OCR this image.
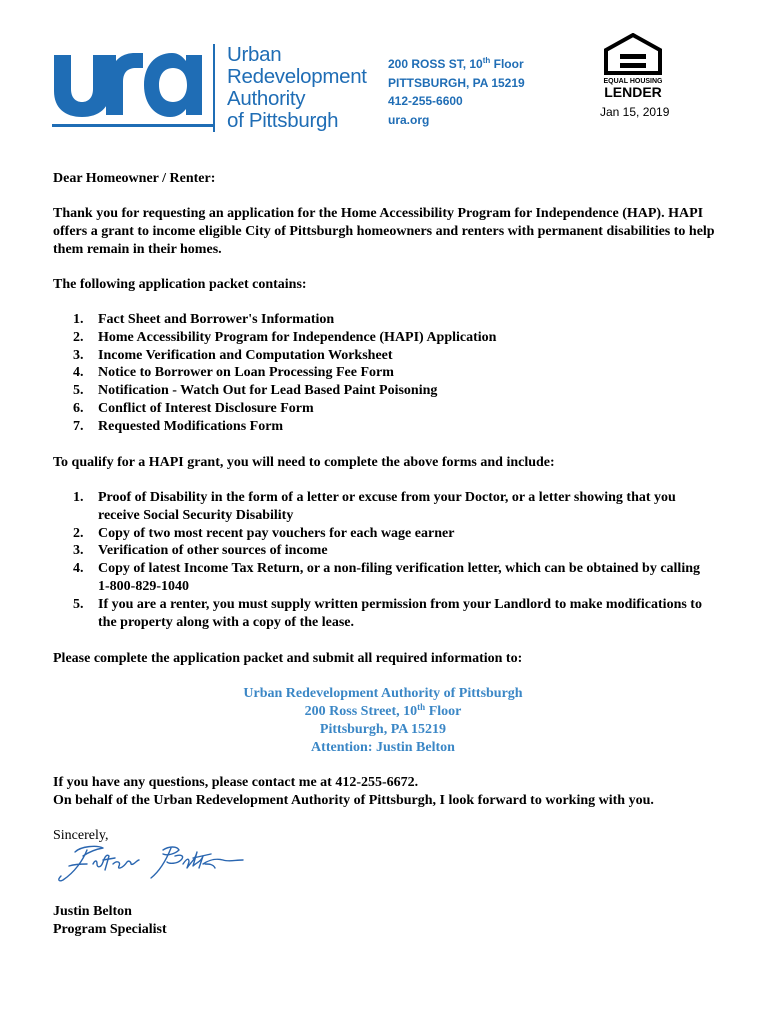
Urban
Redevelopment
Authority
of Pittsburgh
200 ROSS ST, 10th Floor
PITTSBURGH, PA 15219
412-255-6600
ura.org
EQUAL HOUSING
LENDER
Jan 15, 2019
Dear Homeowner / Renter:
Thank you for requesting an application for the Home Accessibility Program for Independence (HAP). HAPI offers a grant to income eligible City of Pittsburgh homeowners and renters with permanent disabilities to help them remain in their homes.
The following application packet contains:
1. Fact Sheet and Borrower's Information
2. Home Accessibility Program for Independence (HAPI) Application
3. Income Verification and Computation Worksheet
4. Notice to Borrower on Loan Processing Fee Form
5. Notification - Watch Out for Lead Based Paint Poisoning
6. Conflict of Interest Disclosure Form
7. Requested Modifications Form
To qualify for a HAPI grant, you will need to complete the above forms and include:
1. Proof of Disability in the form of a letter or excuse from your Doctor, or a letter showing that you receive Social Security Disability
2. Copy of two most recent pay vouchers for each wage earner
3. Verification of other sources of income
4. Copy of latest Income Tax Return, or a non-filing verification letter, which can be obtained by calling 1-800-829-1040
5. If you are a renter, you must supply written permission from your Landlord to make modifications to the property along with a copy of the lease.
Please complete the application packet and submit all required information to:
Urban Redevelopment Authority of Pittsburgh
200 Ross Street, 10th Floor
Pittsburgh, PA 15219
Attention: Justin Belton
If you have any questions, please contact me at 412-255-6672.
On behalf of the Urban Redevelopment Authority of Pittsburgh, I look forward to working with you.
Sincerely,
Justin Belton
Program Specialist
